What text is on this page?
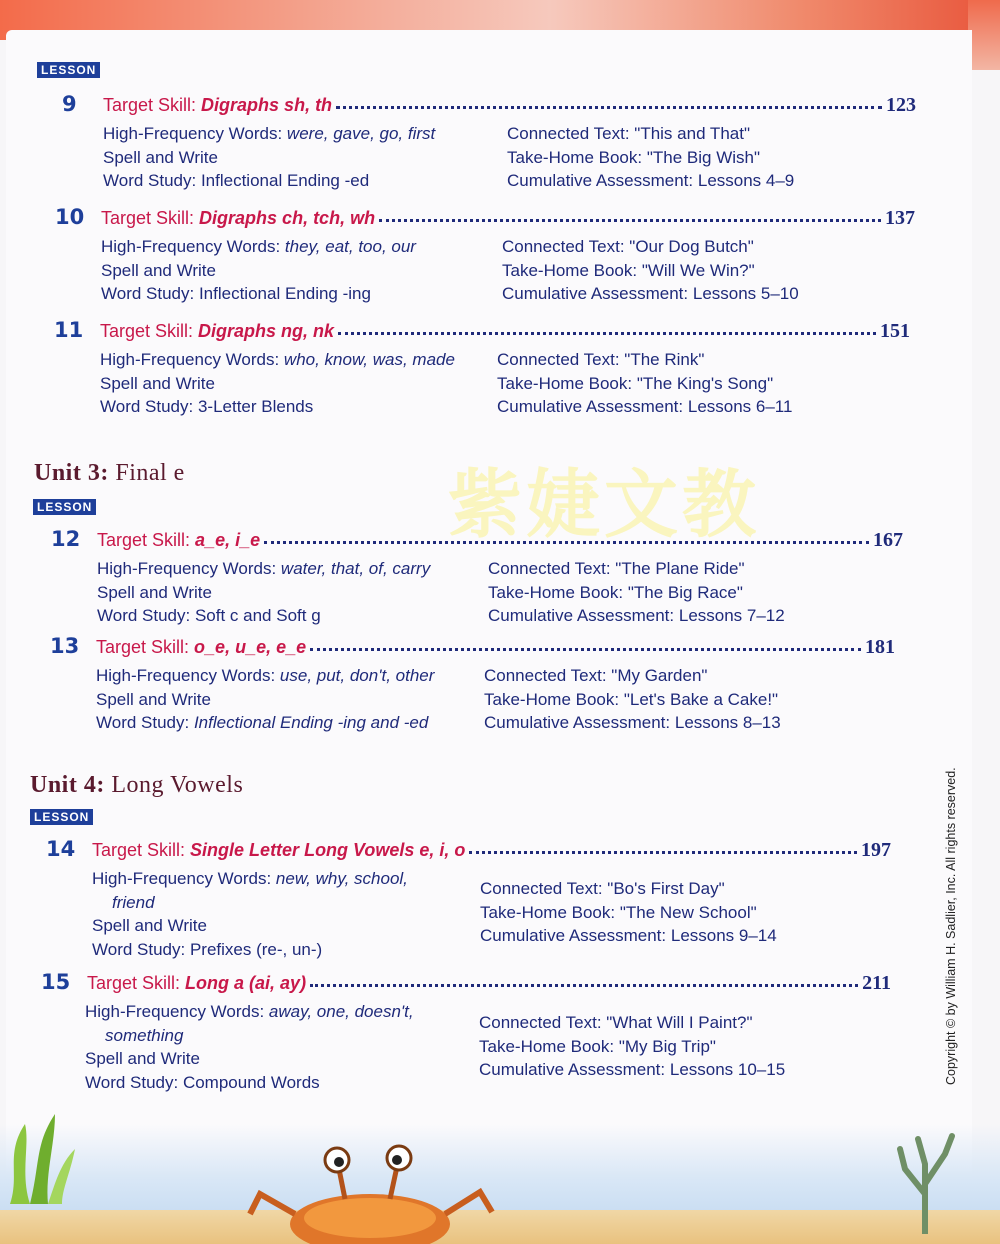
LESSON
LESSON
LESSON
Unit 3: Final e
Unit 4: Long Vowels
9 Target Skill: Digraphs sh, th	123
High-Frequency Words: were, gave, go, first
Spell and Write
Word Study: Inflectional Ending -ed
Connected Text: "This and That"
Take-Home Book: "The Big Wish"
Cumulative Assessment: Lessons 4–9
10 Target Skill: Digraphs ch, tch, wh	137
High-Frequency Words: they, eat, too, our
Spell and Write
Word Study: Inflectional Ending -ing
Connected Text: "Our Dog Butch"
Take-Home Book: "Will We Win?"
Cumulative Assessment: Lessons 5–10
11 Target Skill: Digraphs ng, nk	151
High-Frequency Words: who, know, was, made
Spell and Write
Word Study: 3-Letter Blends
Connected Text: "The Rink"
Take-Home Book: "The King's Song"
Cumulative Assessment: Lessons 6–11
紫婕文教
12 Target Skill: a_e, i_e	167
High-Frequency Words: water, that, of, carry
Spell and Write
Word Study: Soft c and Soft g
Connected Text: "The Plane Ride"
Take-Home Book: "The Big Race"
Cumulative Assessment: Lessons 7–12
13 Target Skill: o_e, u_e, e_e	181
High-Frequency Words: use, put, don't, other
Spell and Write
Word Study: Inflectional Ending -ing and -ed
Connected Text: "My Garden"
Take-Home Book: "Let's Bake a Cake!"
Cumulative Assessment: Lessons 8–13
14 Target Skill: Single Letter Long Vowels e, i, o	197
High-Frequency Words: new, why, school,
friend
Spell and Write
Word Study: Prefixes (re-, un-)
Connected Text: "Bo's First Day"
Take-Home Book: "The New School"
Cumulative Assessment: Lessons 9–14
15 Target Skill: Long a (ai, ay)	211
High-Frequency Words: away, one, doesn't,
something
Spell and Write
Word Study: Compound Words
Connected Text: "What Will I Paint?"
Take-Home Book: "My Big Trip"
Cumulative Assessment: Lessons 10–15	Copyright © by William H. Sadlier, Inc. All rights reserved.
